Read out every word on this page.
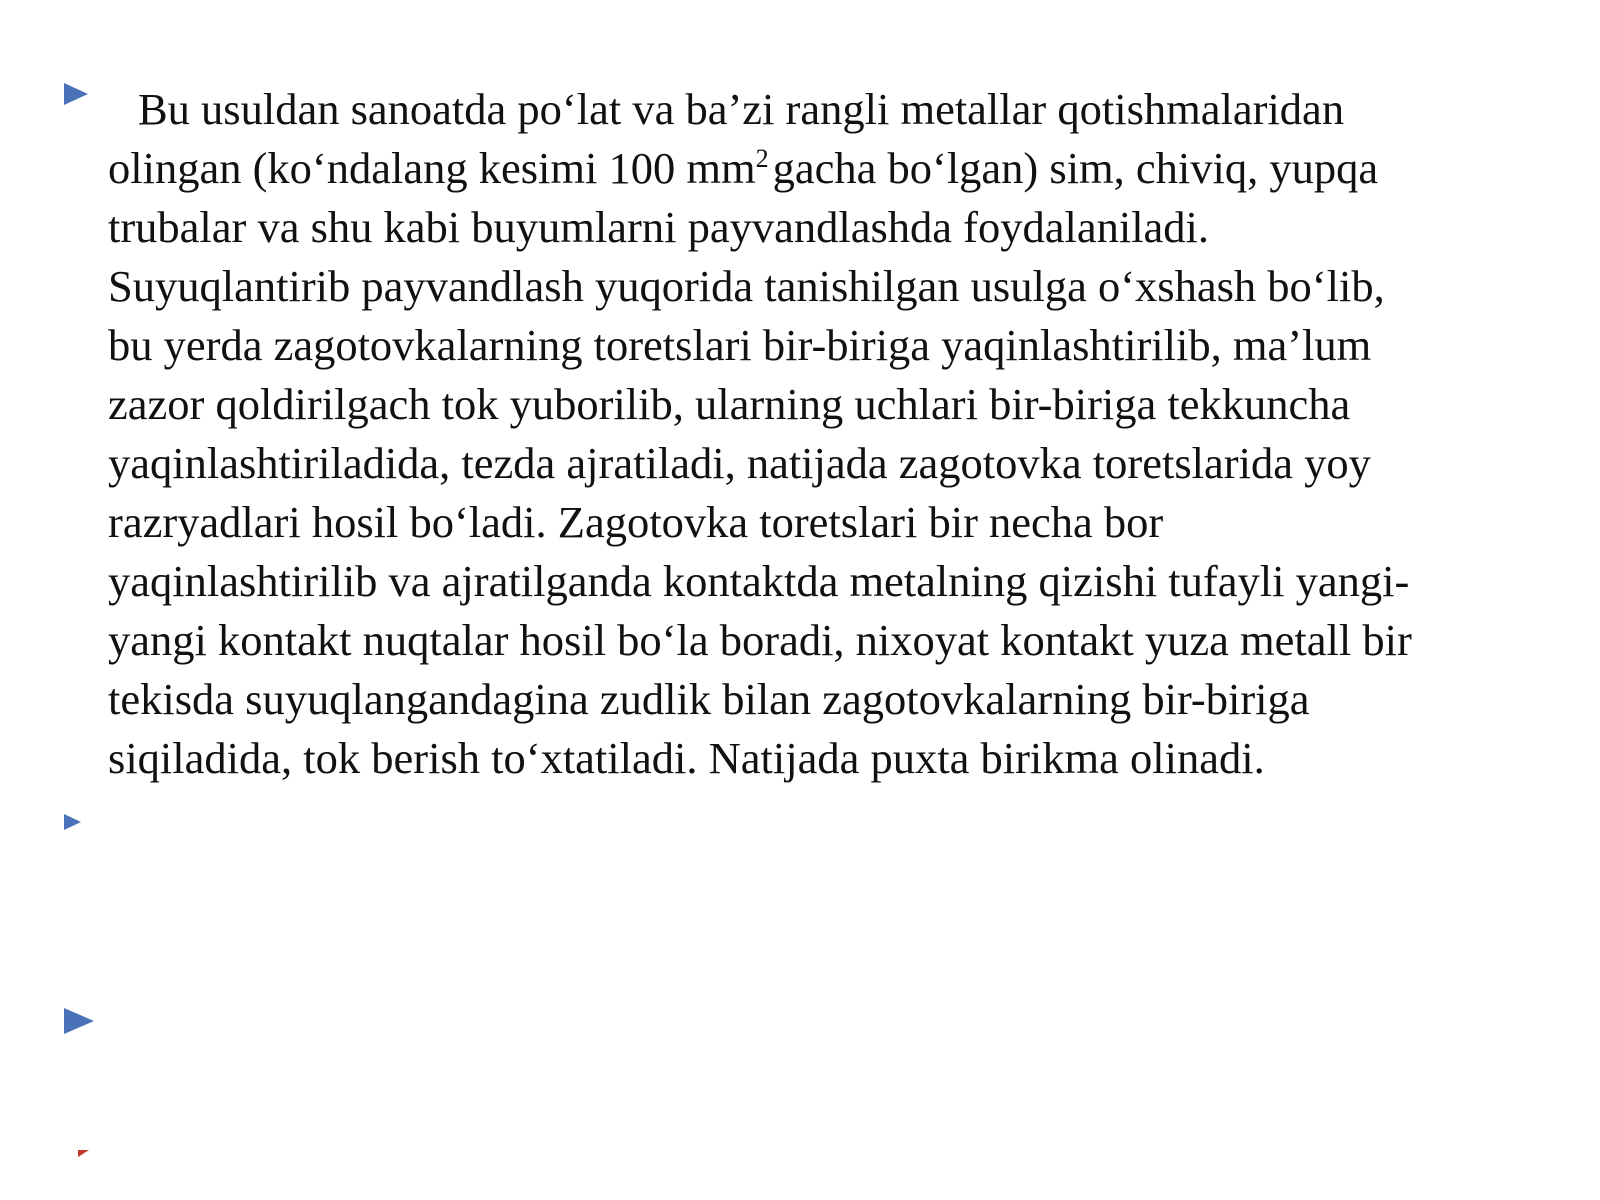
Bu usuldan sanoatda po‘lat va ba’zi rangli metallar qotishmalaridan
olingan (ko‘ndalang kesimi 100 $mm^2gacha$ bo‘lgan) sim, chiviq, yupqa
trubalar va shu kabi buyumlarni payvandlashda foydalaniladi.
Suyuqlantirib payvandlash yuqorida tanishilgan usulga o‘xshash bo‘lib,
bu yerda zagotovkalarning toretslari bir-biriga yaqinlashtirilib, ma’lum
zazor qoldirilgach tok yuborilib, ularning uchlari bir-biriga tekkuncha
yaqinlashtiriladida, tezda ajratiladi, natijada zagotovka toretslarida yoy
razryadlari hosil bo‘ladi. Zagotovka toretslari bir necha bor
yaqinlashtirilib va ajratilganda kontaktda metalning qizishi tufayli yangi-
yangi kontakt nuqtalar hosil bo‘la boradi, nixoyat kontakt yuza metall bir
tekisda suyuqlangandagina zudlik bilan zagotovkalarning bir-biriga
siqiladida, tok berish to‘xtatiladi. Natijada puxta birikma olinadi.
